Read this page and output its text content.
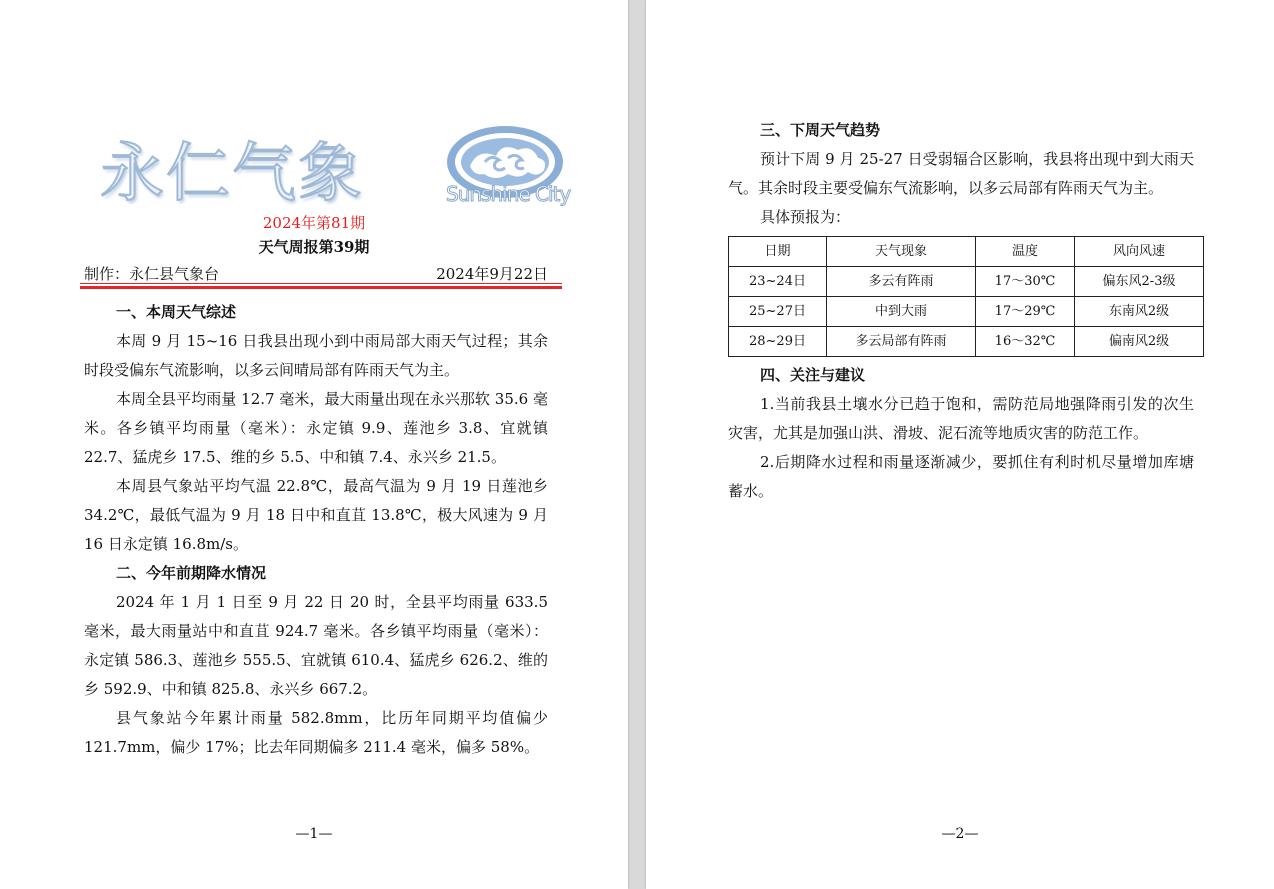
永仁气象	Sunshine City
2024年第81期
天气周报第39期
制作：永仁县气象台	2024年9月22日
一、本周天气综述

本周 9 月 15~16 日我县出现小到中雨局部大雨天气过程；其余时段受偏东气流影响，以多云间晴局部有阵雨天气为主。

本周全县平均雨量 12.7 毫米，最大雨量出现在永兴那软 35.6 毫米。各乡镇平均雨量（毫米）：永定镇 9.9、莲池乡 3.8、宜就镇 22.7、猛虎乡 17.5、维的乡 5.5、中和镇 7.4、永兴乡 21.5。

本周县气象站平均气温 22.8℃，最高气温为 9 月 19 日莲池乡 34.2℃，最低气温为 9 月 18 日中和直苴 13.8℃，极大风速为 9 月 16 日永定镇 16.8m/s。

二、今年前期降水情况

2024 年 1 月 1 日至 9 月 22 日 20 时，全县平均雨量 633.5 毫米，最大雨量站中和直苴 924.7 毫米。各乡镇平均雨量（毫米）：永定镇 586.3、莲池乡 555.5、宜就镇 610.4、猛虎乡 626.2、维的乡 592.9、中和镇 825.8、永兴乡 667.2。

县气象站今年累计雨量 582.8mm，比历年同期平均值偏少 121.7mm，偏少 17%；比去年同期偏多 211.4 毫米，偏多 58%。

—1—
三、下周天气趋势

预计下周 9 月 25-27 日受弱辐合区影响，我县将出现中到大雨天气。其余时段主要受偏东气流影响，以多云局部有阵雨天气为主。

具体预报为：

日期	天气现象	温度	风向风速
23~24日	多云有阵雨	17～30℃	偏东风2-3级
25~27日	中到大雨	17～29℃	东南风2级
28~29日	多云局部有阵雨	16～32℃	偏南风2级
四、关注与建议

1.当前我县土壤水分已趋于饱和，需防范局地强降雨引发的次生灾害，尤其是加强山洪、滑坡、泥石流等地质灾害的防范工作。

2.后期降水过程和雨量逐渐减少，要抓住有利时机尽量增加库塘蓄水。

—2—
